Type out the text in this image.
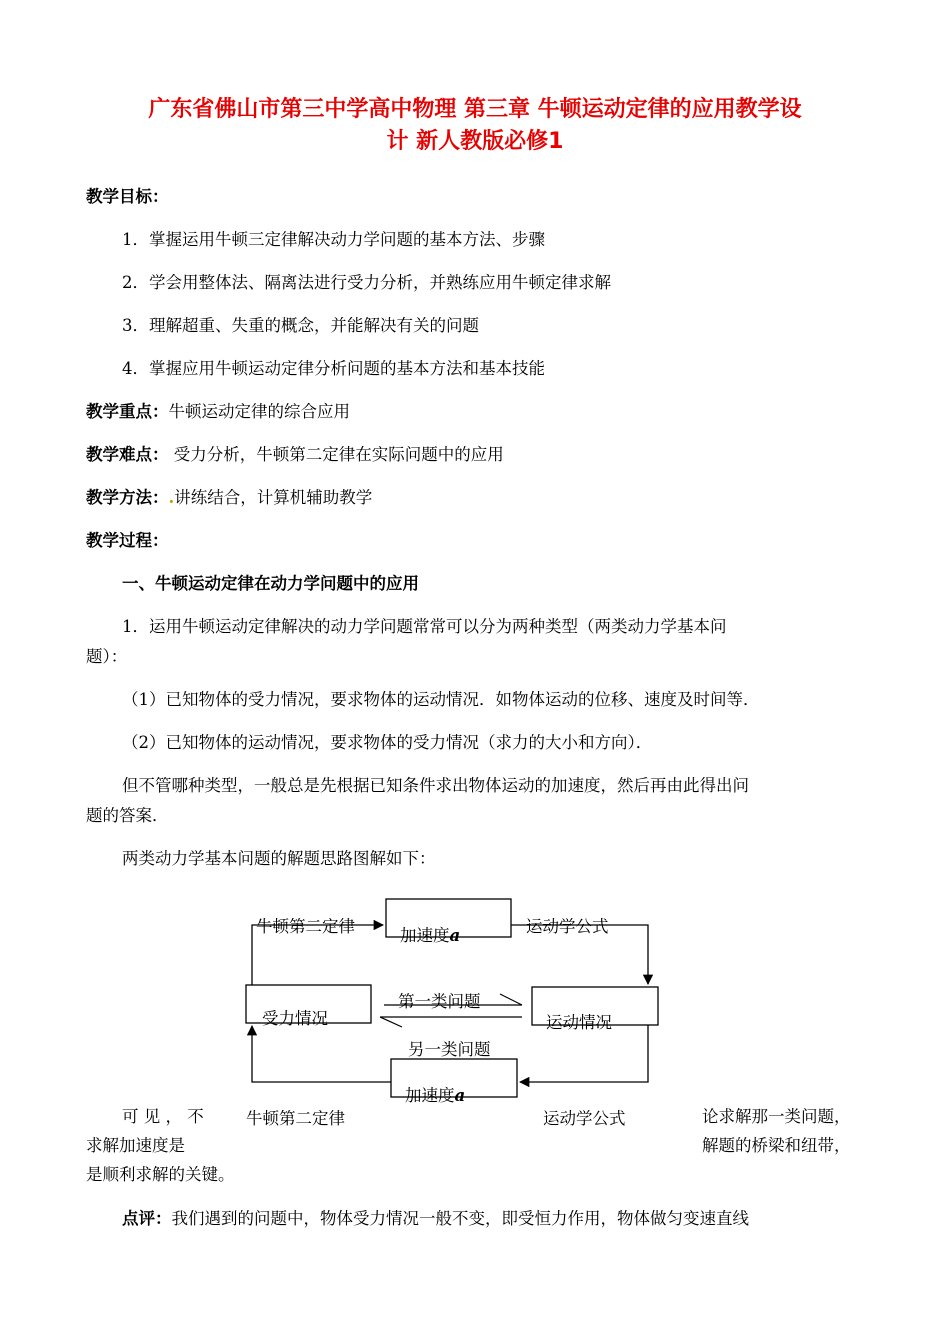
广东省佛山市第三中学高中物理 第三章 牛顿运动定律的应用教学设
计 新人教版必修1
教学目标：
1．掌握运用牛顿三定律解决动力学问题的基本方法、步骤
2．学会用整体法、隔离法进行受力分析，并熟练应用牛顿定律求解
3．理解超重、失重的概念，并能解决有关的问题
4．掌握应用牛顿运动定律分析问题的基本方法和基本技能
教学重点：牛顿运动定律的综合应用
教学难点： 受力分析，牛顿第二定律在实际问题中的应用
教学方法：.讲练结合，计算机辅助教学
教学过程：
一、牛顿运动定律在动力学问题中的应用
1．运用牛顿运动定律解决的动力学问题常常可以分为两种类型（两类动力学基本问
题）：
（1）已知物体的受力情况，要求物体的运动情况．如物体运动的位移、速度及时间等．
（2）已知物体的运动情况，要求物体的受力情况（求力的大小和方向）．
但不管哪种类型，一般总是先根据已知条件求出物体运动的加速度，然后再由此得出问
题的答案．
两类动力学基本问题的解题思路图解如下：
牛顿第二定律	加速度a	运动学公式
受力情况	运动情况
第一类问题
另一类问题
加速度a
牛顿第二定律	运动学公式
可 见 ， 不
求解加速度是
论求解那一类问题，
解题的桥梁和纽带，
是顺利求解的关键。
点评：我们遇到的问题中，物体受力情况一般不变，即受恒力作用，物体做匀变速直线
